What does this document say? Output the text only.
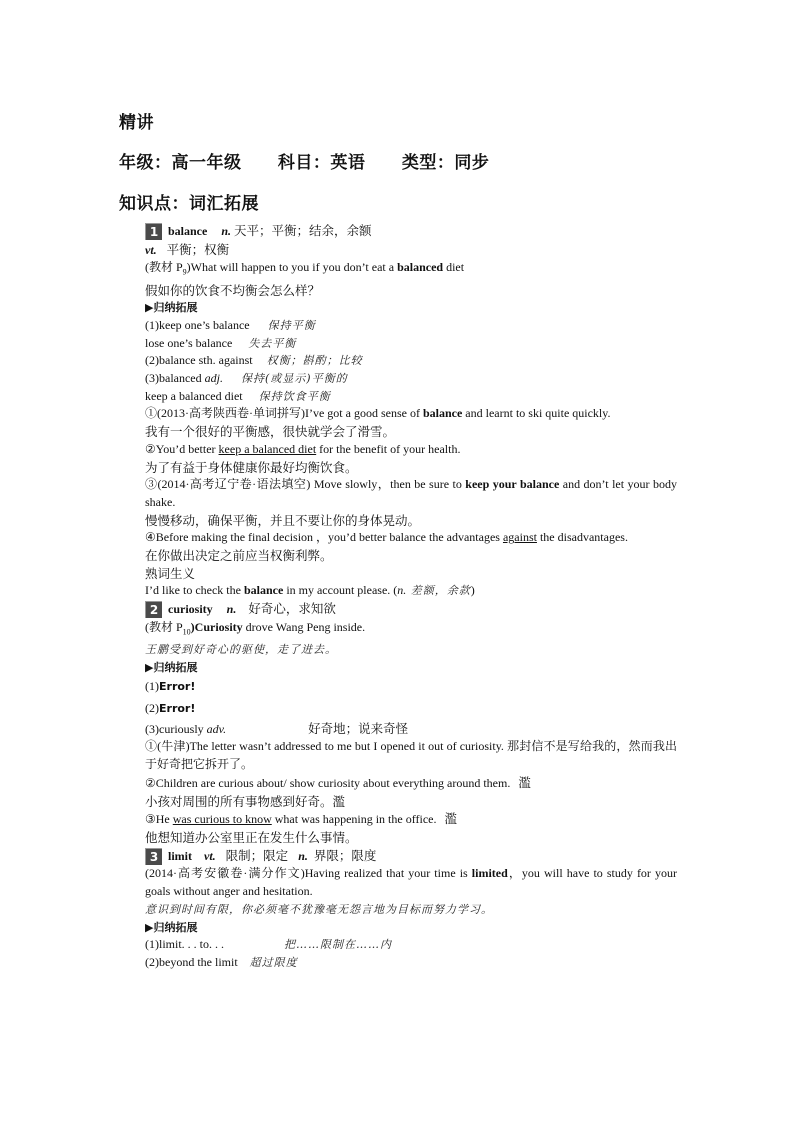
精讲
年级：高一年级 科目：英语 类型：同步
知识点：词汇拓展
1 balance n. 天平；平衡；结余，余额
vt. 平衡；权衡
(教材 $P_9)What$ will happen to you if you don’t eat a balanced diet
假如你的饮食不均衡会怎么样？
▶归纳拓展
(1)keep one’s balance 保持平衡
lose one’s balance 失去平衡
(2)balance sth. against 权衡；斟酌；比较
(3)balanced adj. 保持(或显示)平衡的
keep a balanced diet 保持饮食平衡
①(2013·高考陕西卷·单词拼写)I’ve got a good sense of balance and learnt to ski quite quickly.
我有一个很好的平衡感，很快就学会了滑雪。
②You’d better keep a balanced diet for the benefit of your health.
为了有益于身体健康你最好均衡饮食。
③(2014·高考辽宁卷·语法填空) Move slowly，then be sure to keep your balance and don’t let your body shake.
慢慢移动，确保平衡，并且不要让你的身体晃动。
④Before making the final decision ，you’d better balance the advantages against the disadvantages.
在你做出决定之前应当权衡利弊。
熟词生义
I’d like to check the balance in my account please. (n. 差额，余款)
2 curiosity n. 好奇心，求知欲
(教材 $P_{10})Curiosity$ drove Wang Peng inside.
王鹏受到好奇心的驱使，走了进去。
▶归纳拓展
(1)Error!
(2)Error!
(3)curiously adv.	好奇地；说来奇怪
①(牛津)The letter wasn’t addressed to me but I opened it out of curiosity. 那封信不是写给我的，然而我出于好奇把它拆开了。
②Children are curious about/ show curiosity about everything around them. 濫
小孩对周围的所有事物感到好奇。濫
③He was curious to know what was happening in the office. 濫
他想知道办公室里正在发生什么事情。
3 limit vt. 限制；限定 n. 界限；限度
(2014·高考安徽卷·满分作文)Having realized that your time is limited，you will have to study for your goals without anger and hesitation.
意识到时间有限，你必须毫不犹豫毫无怨言地为目标而努力学习。
▶归纳拓展
(1)limit. . . to. . .	把……限制在……内
(2)beyond the limit 超过限度
